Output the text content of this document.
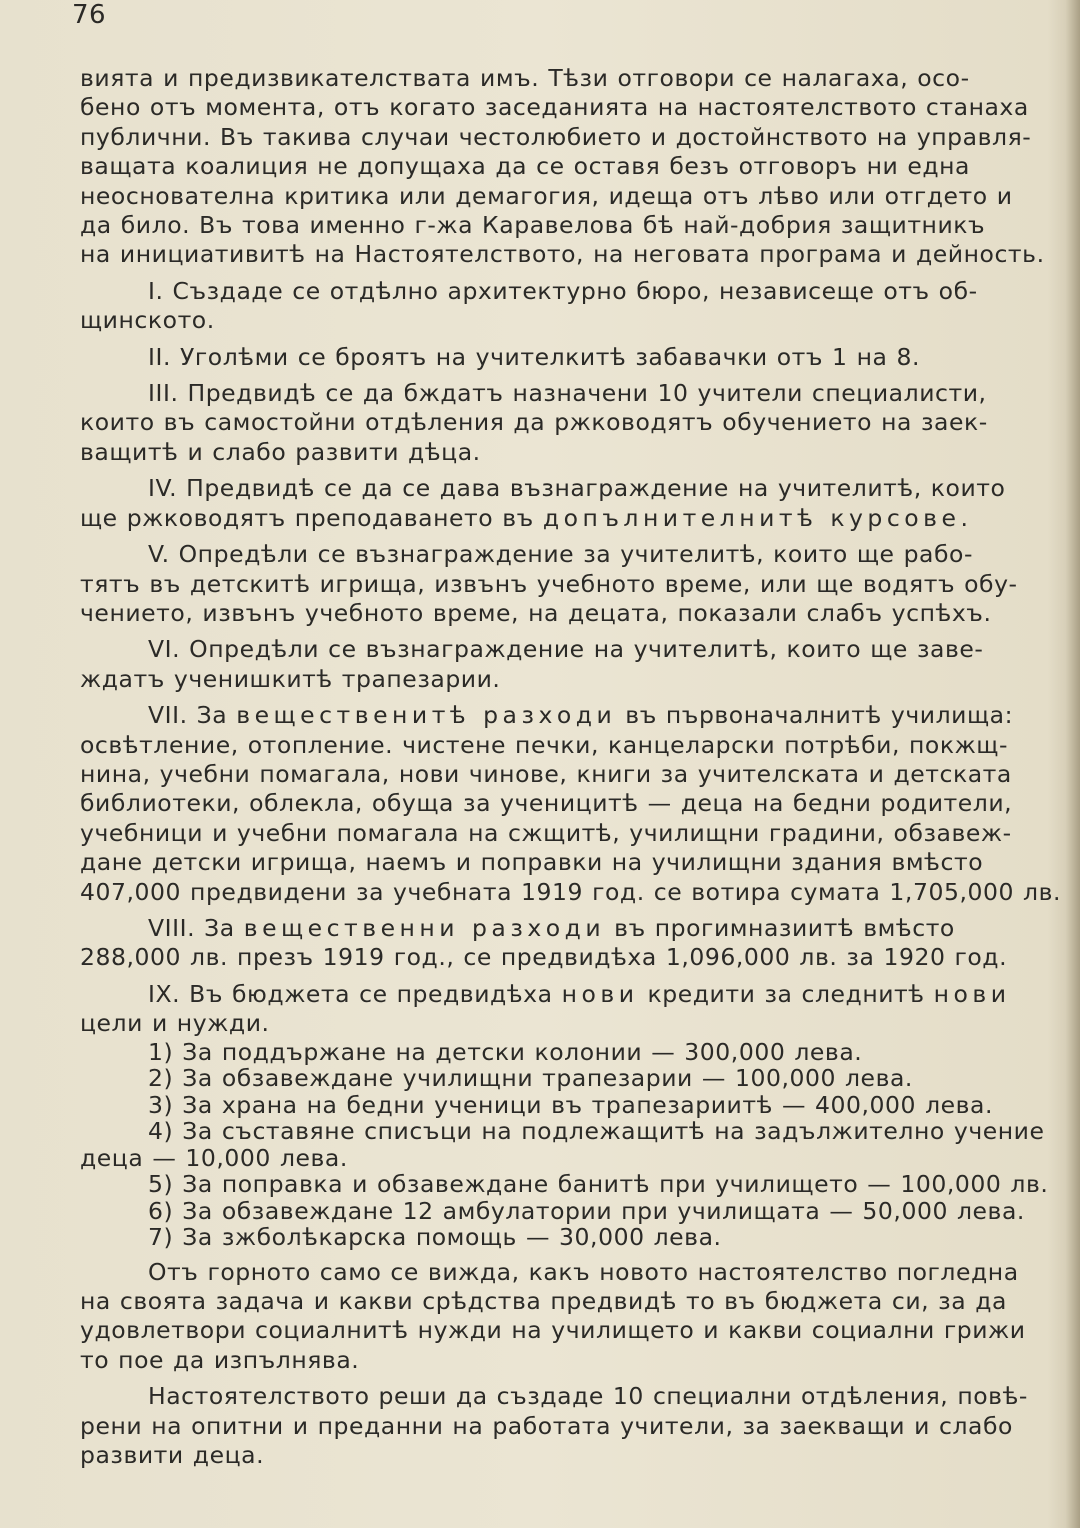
76
вията и предизвикателствата имъ. Тѣзи отговори се налагаха, осо-
бено отъ момента, отъ когато заседанията на настоятелството станаха
публични. Въ такива случаи честолюбието и достойнството на управля-
ващата коалиция не допущаха да се оставя безъ отговоръ ни една
неоснователна критика или демагогия, идеща отъ лѣво или отгдето и
да било. Въ това именно г-жа Каравелова бѣ най-добрия защитникъ
на инициативитѣ на Настоятелството, на неговата програма и дейность.
I. Създаде се отдѣлно архитектурно бюро, независеще отъ об-
щинското.
II. Уголѣми се броятъ на учителкитѣ забавачки отъ 1 на 8.
III. Предвидѣ се да бждатъ назначени 10 учители специалисти,
които въ самостойни отдѣления да ржководятъ обучението на заек-
ващитѣ и слабо развити дѣца.
IV. Предвидѣ се да се дава възнаграждение на учителитѣ, които
ще ржководятъ преподаването въ допълнителнитѣ курсове.
V. Опредѣли се възнаграждение за учителитѣ, които ще рабо-
тятъ въ детскитѣ игрища, извънъ учебното време, или ще водятъ обу-
чението, извънъ учебното време, на децата, показали слабъ успѣхъ.
VI. Опредѣли се възнаграждение на учителитѣ, които ще заве-
ждатъ ученишкитѣ трапезарии.
VII. За вещественитѣ разходи въ първоначалнитѣ училища:
освѣтление, отопление. чистене печки, канцеларски потрѣби, покжщ-
нина, учебни помагала, нови чинове, книги за учителската и детската
библиотеки, облекла, обуща за ученицитѣ — деца на бедни родители,
учебници и учебни помагала на сжщитѣ, училищни градини, обзавеж-
дане детски игрища, наемъ и поправки на училищни здания вмѣсто
407,000 предвидени за учебната 1919 год. се вотира сумата 1,705,000 лв.
VIII. За вещественни разходи въ прогимназиитѣ вмѣсто
288,000 лв. презъ 1919 год., се предвидѣха 1,096,000 лв. за 1920 год.
IX. Въ бюджета се предвидѣха нови кредити за следнитѣ нови
цели и нужди.
1) За поддържане на детски колонии — 300,000 лева.
2) За обзавеждане училищни трапезарии — 100,000 лева.
3) За храна на бедни ученици въ трапезариитѣ — 400,000 лева.
4) За съставяне списъци на подлежащитѣ на задължително учение
деца — 10,000 лева.
5) За поправка и обзавеждане банитѣ при училището — 100,000 лв.
6) За обзавеждане 12 амбулатории при училищата — 50,000 лева.
7) За зжболѣкарска помощь — 30,000 лева.
Отъ горното само се вижда, какъ новото настоятелство погледна
на своята задача и какви срѣдства предвидѣ то въ бюджета си, за да
удовлетвори социалнитѣ нужди на училището и какви социални грижи
то пое да изпълнява.
Настоятелството реши да създаде 10 специални отдѣления, повѣ-
рени на опитни и преданни на работата учители, за заекващи и слабо
развити деца.
